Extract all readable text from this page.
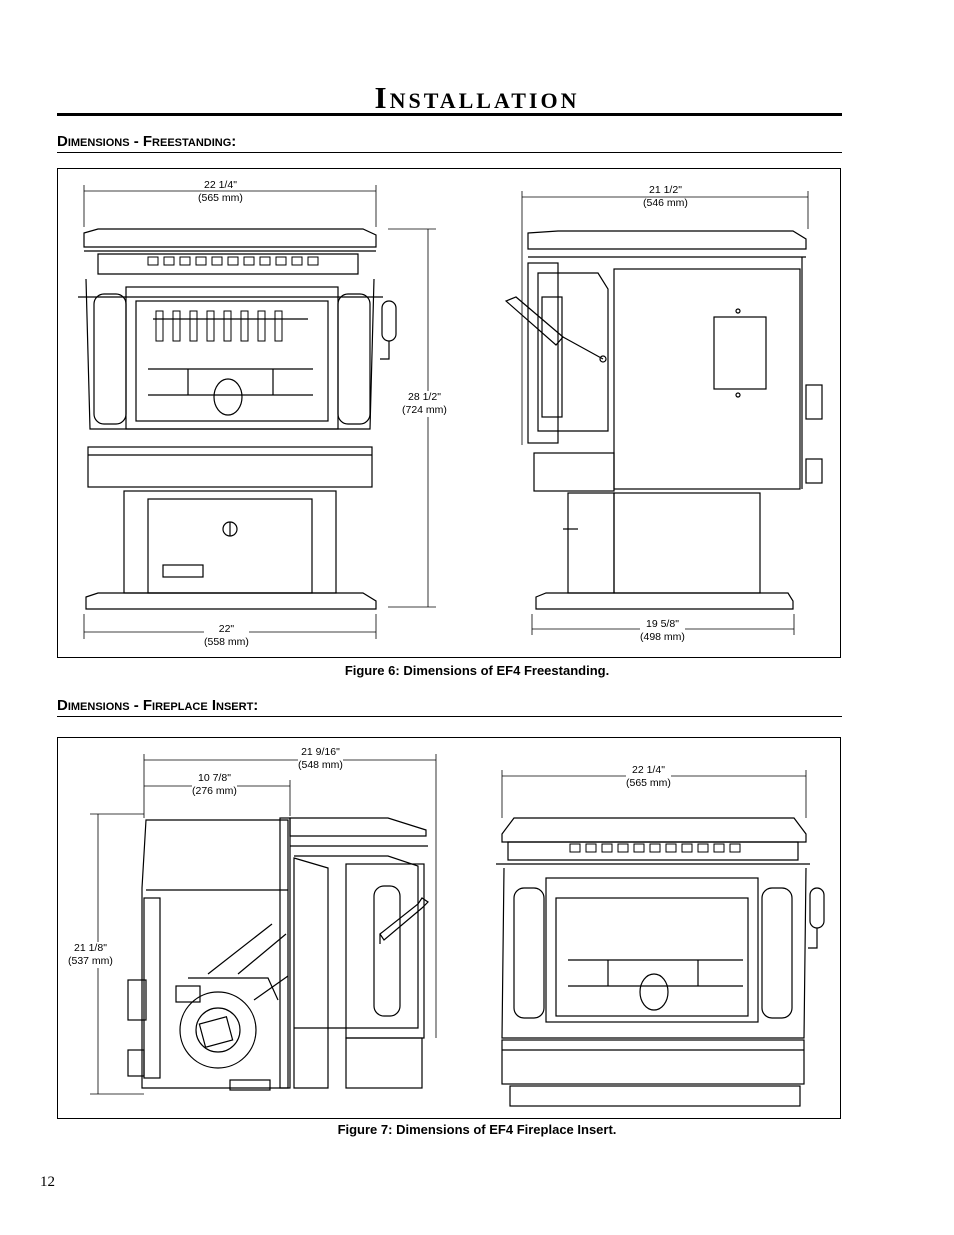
Installation
Dimensions - Freestanding:
22 1/4"
(565 mm)
21 1/2"
(546 mm)
28 1/2"
(724 mm)
22"
(558 mm)
19 5/8"
(498 mm)
Figure 6: Dimensions of EF4 Freestanding.
Dimensions - Fireplace Insert:
21 9/16"
(548 mm)
10 7/8"
(276 mm)
21 1/8"
(537 mm)
22 1/4"
(565 mm)
Figure 7: Dimensions of EF4 Fireplace Insert.
12
